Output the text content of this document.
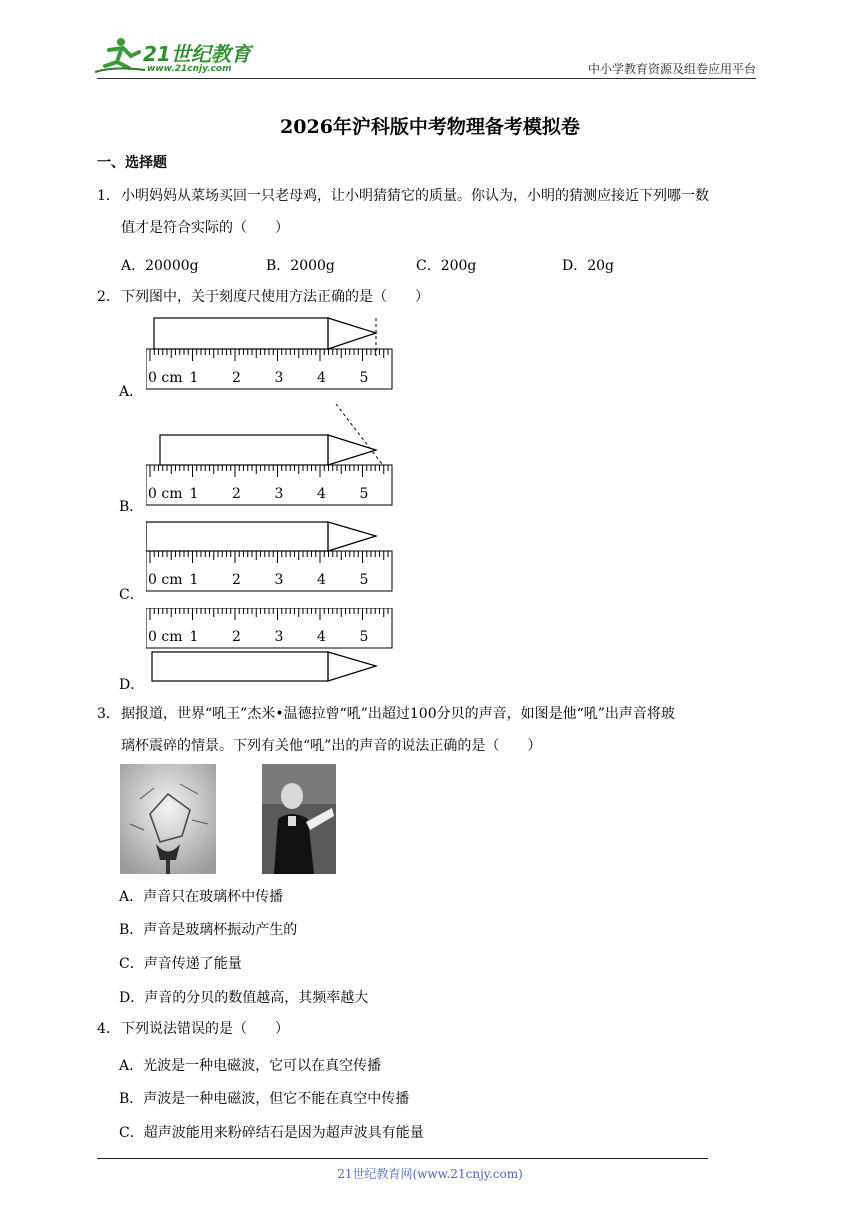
21世纪教育
www.21cnjy.com	中小学教育资源及组卷应用平台
2026年沪科版中考物理备考模拟卷
一、选择题
1． 小明妈妈从菜场买回一只老母鸡，让小明猜猜它的质量。你认为，小明的猜测应接近下列哪一数
值才是符合实际的（　　）
A．20000g	B．2000g	C．200g	D．20g
2． 下列图中，关于刻度尺使用方法正确的是（　　）
A．
0 cm 1 2 3 4 5
B．
0 cm 1 2 3 4 5
C．
0 cm 1 2 3 4 5
D．
0 cm 1 2 3 4 5
3． 据报道，世界“吼王”杰米•温德拉曾“吼”出超过100分贝的声音，如图是他“吼”出声音将玻
璃杯震碎的情景。下列有关他“吼”出的声音的说法正确的是（　　）
A．声音只在玻璃杯中传播
B．声音是玻璃杯振动产生的
C．声音传递了能量
D．声音的分贝的数值越高，其频率越大
4． 下列说法错误的是（　　）
A．光波是一种电磁波，它可以在真空传播
B．声波是一种电磁波，但它不能在真空中传播
C．超声波能用来粉碎结石是因为超声波具有能量
21世纪教育网(www.21cnjy.com)
